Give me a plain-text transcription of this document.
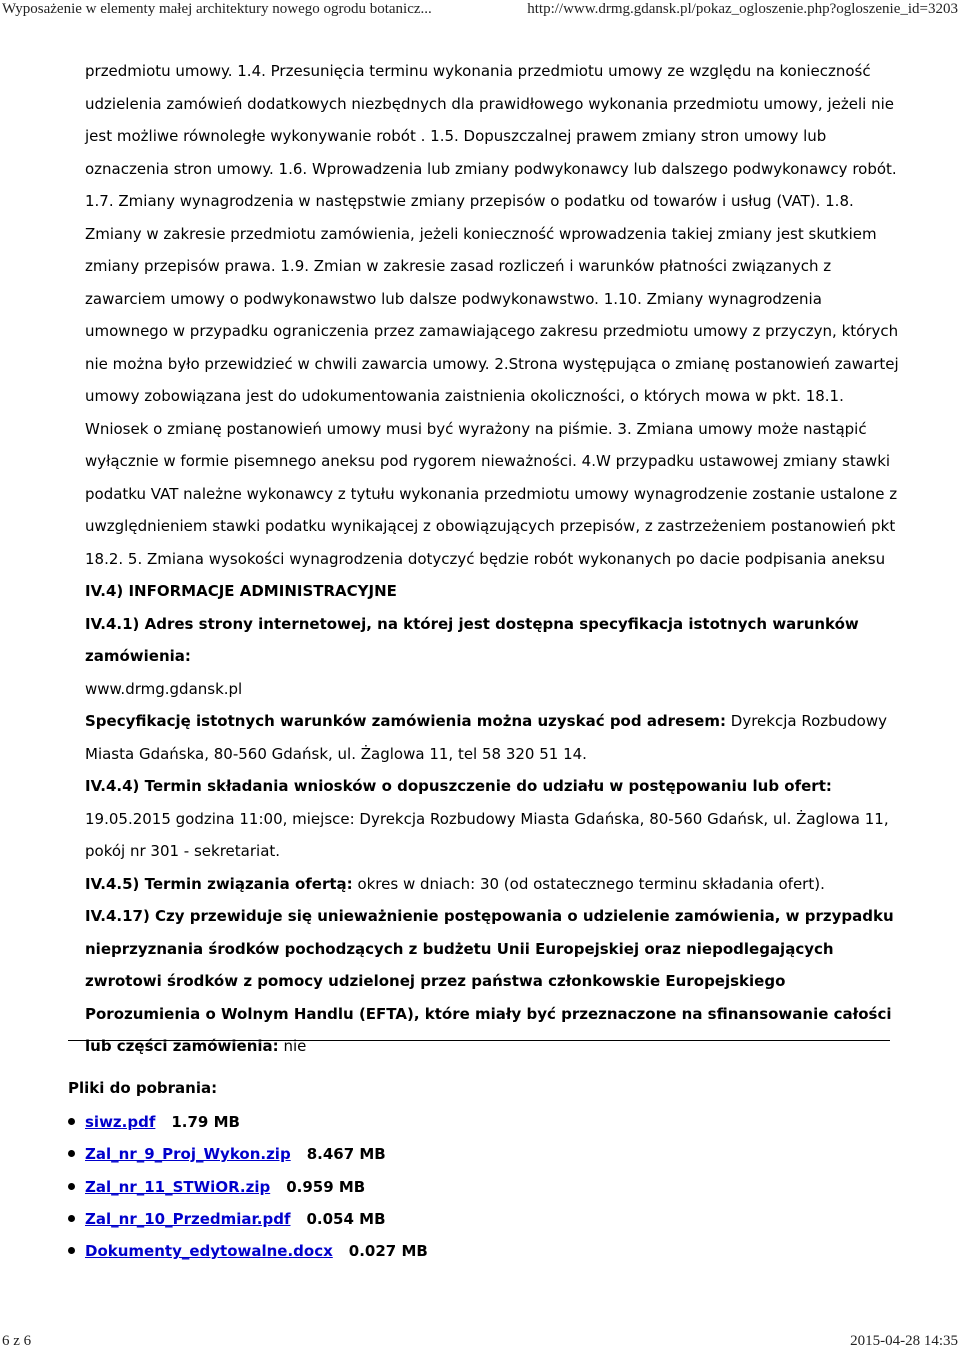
Wyposażenie w elementy małej architektury nowego ogrodu botanicz...	http://www.drmg.gdansk.pl/pokaz_ogloszenie.php?ogloszenie_id=3203

przedmiotu umowy. 1.4. Przesunięcia terminu wykonania przedmiotu umowy ze względu na konieczność udzielenia zamówień dodatkowych niezbędnych dla prawidłowego wykonania przedmiotu umowy, jeżeli nie jest możliwe równoległe wykonywanie robót . 1.5. Dopuszczalnej prawem zmiany stron umowy lub oznaczenia stron umowy. 1.6. Wprowadzenia lub zmiany podwykonawcy lub dalszego podwykonawcy robót. 1.7. Zmiany wynagrodzenia w następstwie zmiany przepisów o podatku od towarów i usług (VAT). 1.8. Zmiany w zakresie przedmiotu zamówienia, jeżeli konieczność wprowadzenia takiej zmiany jest skutkiem zmiany przepisów prawa. 1.9. Zmian w zakresie zasad rozliczeń i warunków płatności związanych z zawarciem umowy o podwykonawstwo lub dalsze podwykonawstwo. 1.10. Zmiany wynagrodzenia umownego w przypadku ograniczenia przez zamawiającego zakresu przedmiotu umowy z przyczyn, których nie można było przewidzieć w chwili zawarcia umowy. 2.Strona występująca o zmianę postanowień zawartej umowy zobowiązana jest do udokumentowania zaistnienia okoliczności, o których mowa w pkt. 18.1. Wniosek o zmianę postanowień umowy musi być wyrażony na piśmie. 3. Zmiana umowy może nastąpić wyłącznie w formie pisemnego aneksu pod rygorem nieważności. 4.W przypadku ustawowej zmiany stawki podatku VAT należne wykonawcy z tytułu wykonania przedmiotu umowy wynagrodzenie zostanie ustalone z uwzględnieniem stawki podatku wynikającej z obowiązujących przepisów, z zastrzeżeniem postanowień pkt 18.2. 5. Zmiana wysokości wynagrodzenia dotyczyć będzie robót wykonanych po dacie podpisania aneksu

IV.4) INFORMACJE ADMINISTRACYJNE

IV.4.1) Adres strony internetowej, na której jest dostępna specyfikacja istotnych warunków zamówienia:
www.drmg.gdansk.pl

Specyfikację istotnych warunków zamówienia można uzyskać pod adresem: Dyrekcja Rozbudowy Miasta Gdańska, 80-560 Gdańsk, ul. Żaglowa 11, tel 58 320 51 14.

IV.4.4) Termin składania wniosków o dopuszczenie do udziału w postępowaniu lub ofert: 19.05.2015 godzina 11:00, miejsce: Dyrekcja Rozbudowy Miasta Gdańska, 80-560 Gdańsk, ul. Żaglowa 11, pokój nr 301 - sekretariat.

IV.4.5) Termin związania ofertą: okres w dniach: 30 (od ostatecznego terminu składania ofert).

IV.4.17) Czy przewiduje się unieważnienie postępowania o udzielenie zamówienia, w przypadku nieprzyznania środków pochodzących z budżetu Unii Europejskiej oraz niepodlegających zwrotowi środków z pomocy udzielonej przez państwa członkowskie Europejskiego Porozumienia o Wolnym Handlu (EFTA), które miały być przeznaczone na sfinansowanie całości lub części zamówienia: nie

Pliki do pobrania:

siwz.pdf 1.79 MB
Zal_nr_9_Proj_Wykon.zip 8.467 MB
Zal_nr_11_STWiOR.zip 0.959 MB
Zal_nr_10_Przedmiar.pdf 0.054 MB
Dokumenty_edytowalne.docx 0.027 MB
6 z 6	2015-04-28 14:35
